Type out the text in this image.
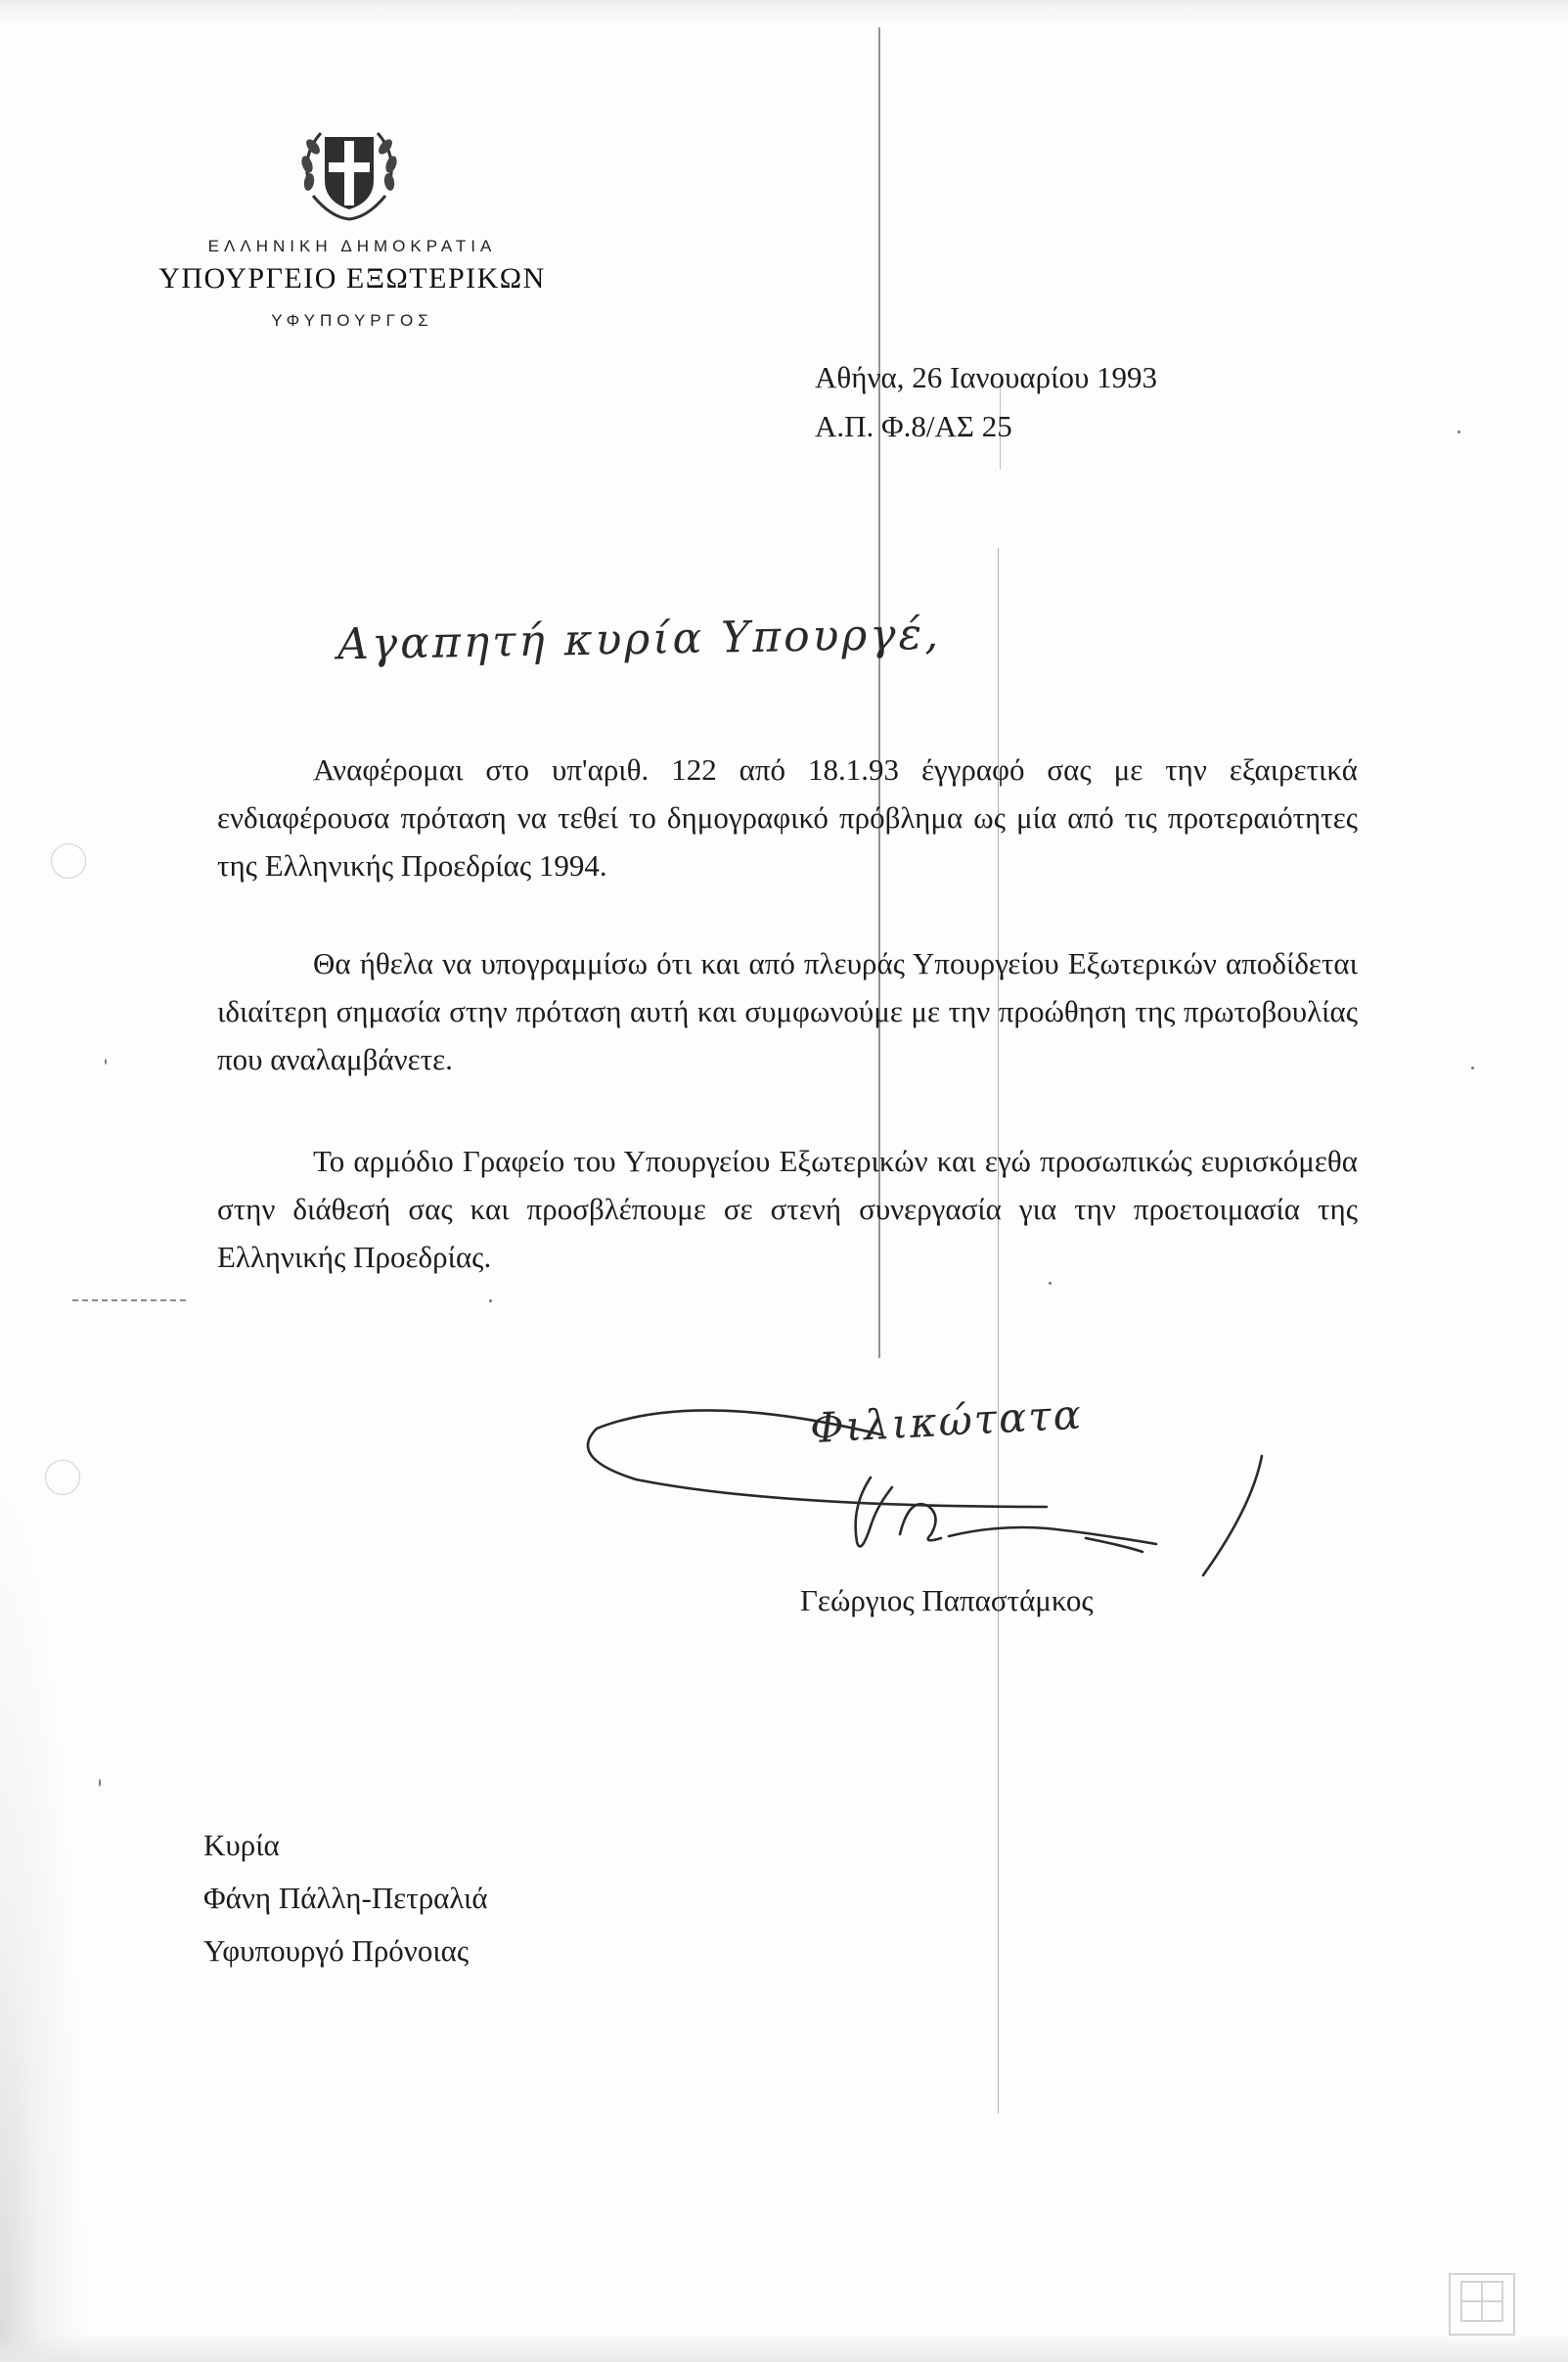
ΕΛΛΗΝΙΚΗ ΔΗΜΟΚΡΑΤΙΑ
ΥΠΟΥΡΓΕΙΟ ΕΞΩΤΕΡΙΚΩΝ
ΥΦΥΠΟΥΡΓΟΣ
Αθήνα, 26 Ιανουαρίου 1993
Α.Π. Φ.8/ΑΣ 25
Αγαπητή κυρία Υπουργέ,

Αναφέρομαι στο υπ'αριθ. 122 από 18.1.93 έγγραφό σας με την εξαιρετικά ενδιαφέρουσα πρόταση να τεθεί το δημογραφικό πρόβλημα ως μία από τις προτεραιότητες της Ελληνικής Προεδρίας 1994.

Θα ήθελα να υπογραμμίσω ότι και από πλευράς Υπουργείου Εξωτερικών αποδίδεται ιδιαίτερη σημασία στην πρόταση αυτή και συμφωνούμε με την προώθηση της πρωτοβουλίας που αναλαμβάνετε.

Το αρμόδιο Γραφείο του Υπουργείου Εξωτερικών και εγώ προσωπικώς ευρισκόμεθα στην διάθεσή σας και προσβλέπουμε σε στενή συνεργασία για την προετοιμασία της Ελληνικής Προεδρίας.

Φιλικώτατα
Παπ
Γεώργιος Παπαστάμκος
Κυρία
Φάνη Πάλλη-Πετραλιά
Υφυπουργό Πρόνοιας
